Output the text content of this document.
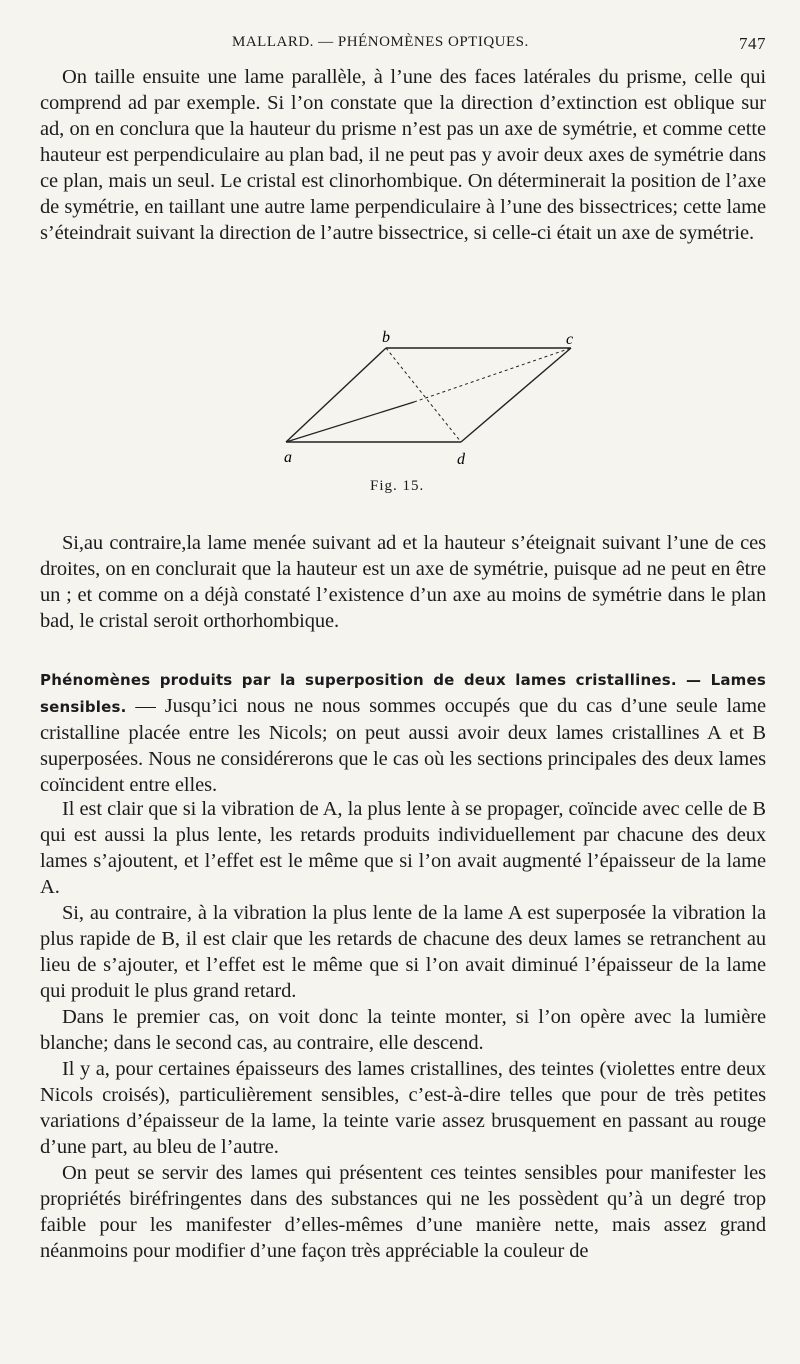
MALLARD. — PHÉNOMÈNES OPTIQUES.	747

On taille ensuite une lame parallèle, à l’une des faces latérales du prisme, celle qui comprend ad par exemple. Si l’on constate que la direction d’extinction est oblique sur ad, on en conclura que la hauteur du prisme n’est pas un axe de symétrie, et comme cette hauteur est perpendiculaire au plan bad, il ne peut pas y avoir deux axes de symétrie dans ce plan, mais un seul. Le cristal est clinorhombique. On déterminerait la position de l’axe de symétrie, en taillant une autre lame perpendiculaire à l’une des bissectrices; cette lame s’éteindrait suivant la direction de l’autre bissectrice, si celle-ci était un axe de symétrie.

b	c
a	d
Fig. 15.

Si,au contraire,la lame menée suivant ad et la hauteur s’éteignait suivant l’une de ces droites, on en conclurait que la hauteur est un axe de symétrie, puisque ad ne peut en être un ; et comme on a déjà constaté l’existence d’un axe au moins de symétrie dans le plan bad, le cristal seroit orthorhombique.

Phénomènes produits par la superposition de deux lames cristallines. — Lames sensibles. — Jusqu’ici nous ne nous sommes occupés que du cas d’une seule lame cristalline placée entre les Nicols; on peut aussi avoir deux lames cristallines A et B superposées. Nous ne considérerons que le cas où les sections principales des deux lames coïncident entre elles.

Il est clair que si la vibration de A, la plus lente à se propager, coïncide avec celle de B qui est aussi la plus lente, les retards produits individuellement par chacune des deux lames s’ajoutent, et l’effet est le même que si l’on avait augmenté l’épaisseur de la lame A.

Si, au contraire, à la vibration la plus lente de la lame A est superposée la vibration la plus rapide de B, il est clair que les retards de chacune des deux lames se retranchent au lieu de s’ajouter, et l’effet est le même que si l’on avait diminué l’épaisseur de la lame qui produit le plus grand retard.

Dans le premier cas, on voit donc la teinte monter, si l’on opère avec la lumière blanche; dans le second cas, au contraire, elle descend.

Il y a, pour certaines épaisseurs des lames cristallines, des teintes (violettes entre deux Nicols croisés), particulièrement sensibles, c’est-à-dire telles que pour de très petites variations d’épaisseur de la lame, la teinte varie assez brusquement en passant au rouge d’une part, au bleu de l’autre.

On peut se servir des lames qui présentent ces teintes sensibles pour manifester les propriétés biréfringentes dans des substances qui ne les possèdent qu’à un degré trop faible pour les manifester d’elles-mêmes d’une manière nette, mais assez grand néanmoins pour modifier d’une façon très appréciable la couleur de
